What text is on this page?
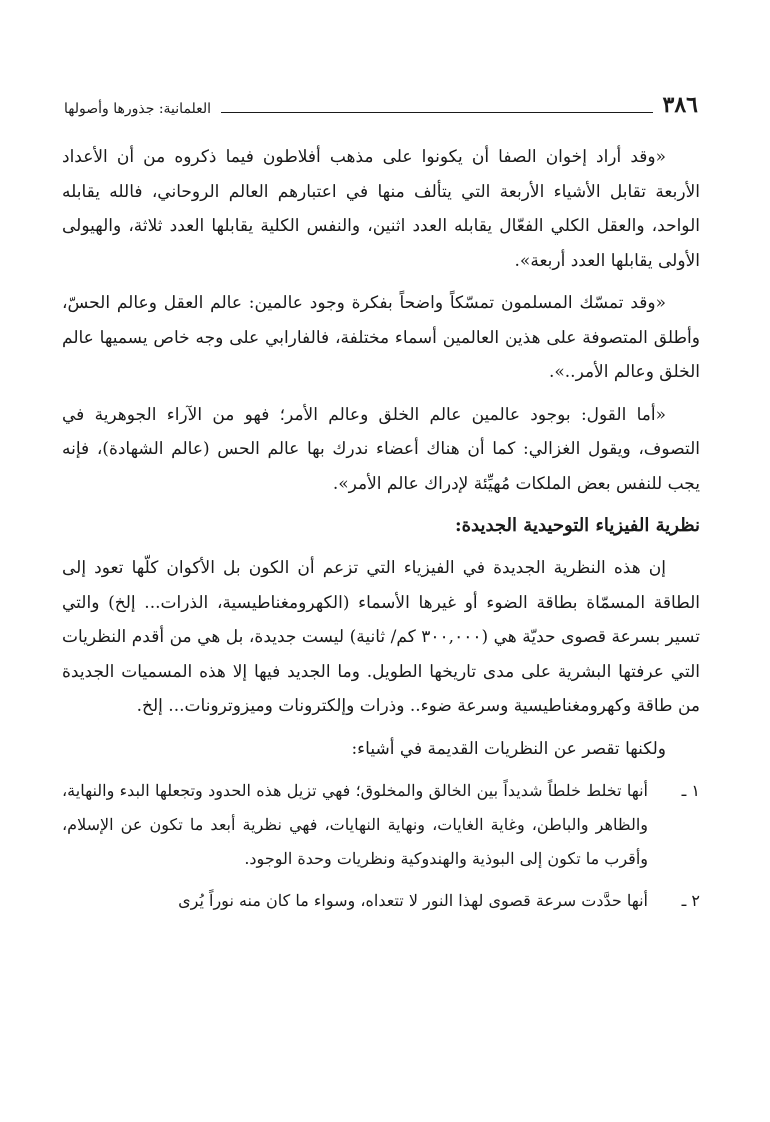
٣٨٦
العلمانية: جذورها وأصولها

«وقد أراد إخوان الصفا أن يكونوا على مذهب أفلاطون فيما ذكروه من أن الأعداد الأربعة تقابل الأشياء الأربعة التي يتألف منها في اعتبارهم العالم الروحاني، فالله يقابله الواحد، والعقل الكلي الفعّال يقابله العدد اثنين، والنفس الكلية يقابلها العدد ثلاثة، والهيولى الأولى يقابلها العدد أربعة».

«وقد تمسّك المسلمون تمسّكاً واضحاً بفكرة وجود عالمين: عالم العقل وعالم الحسّ، وأطلق المتصوفة على هذين العالمين أسماء مختلفة، فالفارابي على وجه خاص يسميها عالم الخلق وعالم الأمر..».

«أما القول: بوجود عالمين عالم الخلق وعالم الأمر؛ فهو من الآراء الجوهرية في التصوف، ويقول الغزالي: كما أن هناك أعضاء ندرك بها عالم الحس (عالم الشهادة)، فإنه يجب للنفس بعض الملكات مُهيِّئة لإدراك عالم الأمر».

نظرية الفيزياء التوحيدية الجديدة:

إن هذه النظرية الجديدة في الفيزياء التي تزعم أن الكون بل الأكوان كلّها تعود إلى الطاقة المسمّاة بطاقة الضوء أو غيرها الأسماء (الكهرومغناطيسية، الذرات... إلخ) والتي تسير بسرعة قصوى حديّة هي (٣٠٠,٠٠٠ كم/ ثانية) ليست جديدة، بل هي من أقدم النظريات التي عرفتها البشرية على مدى تاريخها الطويل. وما الجديد فيها إلا هذه المسميات الجديدة من طاقة وكهرومغناطيسية وسرعة ضوء.. وذرات وإلكترونات وميزوترونات... إلخ.

ولكنها تقصر عن النظريات القديمة في أشياء:

١ ـ
أنها تخلط خلطاً شديداً بين الخالق والمخلوق؛ فهي تزيل هذه الحدود وتجعلها البدء والنهاية، والظاهر والباطن، وغاية الغايات، ونهاية النهايات، فهي نظرية أبعد ما تكون عن الإسلام، وأقرب ما تكون إلى البوذية والهندوكية ونظريات وحدة الوجود.
٢ ـ
أنها حدَّدت سرعة قصوى لهذا النور لا تتعداه، وسواء ما كان منه نوراً يُرى
